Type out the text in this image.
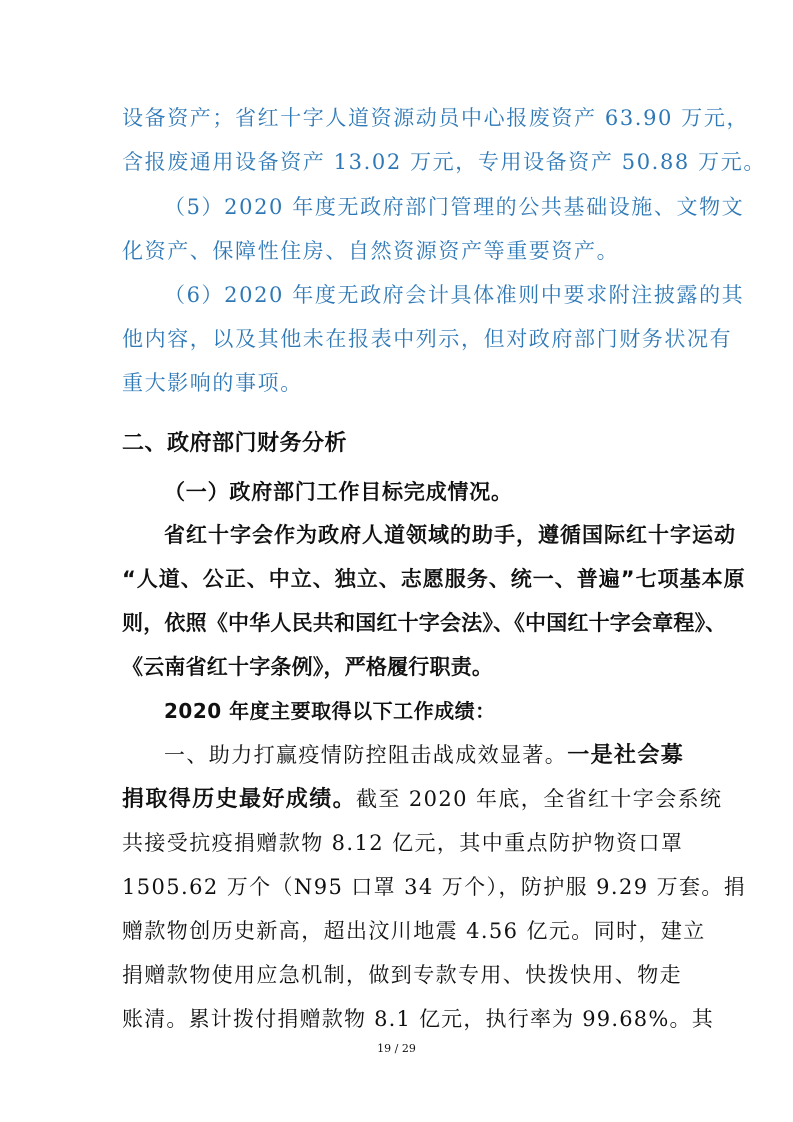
设备资产；省红十字人道资源动员中心报废资产 63.90 万元，
含报废通用设备资产 13.02 万元，专用设备资产 50.88 万元。
（5）2020 年度无政府部门管理的公共基础设施、文物文
化资产、保障性住房、自然资源资产等重要资产。
（6）2020 年度无政府会计具体准则中要求附注披露的其
他内容，以及其他未在报表中列示，但对政府部门财务状况有
重大影响的事项。
二、政府部门财务分析
（一）政府部门工作目标完成情况。
省红十字会作为政府人道领域的助手，遵循国际红十字运动
“人道、公正、中立、独立、志愿服务、统一、普遍”七项基本原
则，依照《中华人民共和国红十字会法》、《中国红十字会章程》、
《云南省红十字条例》，严格履行职责。
2020 年度主要取得以下工作成绩：
一、助力打赢疫情防控阻击战成效显著。一是社会募
捐取得历史最好成绩。截至 2020 年底，全省红十字会系统
共接受抗疫捐赠款物 8.12 亿元，其中重点防护物资口罩
1505.62 万个（N95 口罩 34 万个），防护服 9.29 万套。捐
赠款物创历史新高，超出汶川地震 4.56 亿元。同时，建立
捐赠款物使用应急机制，做到专款专用、快拨快用、物走
账清。累计拨付捐赠款物 8.1 亿元，执行率为 99.68%。其
19 / 29
